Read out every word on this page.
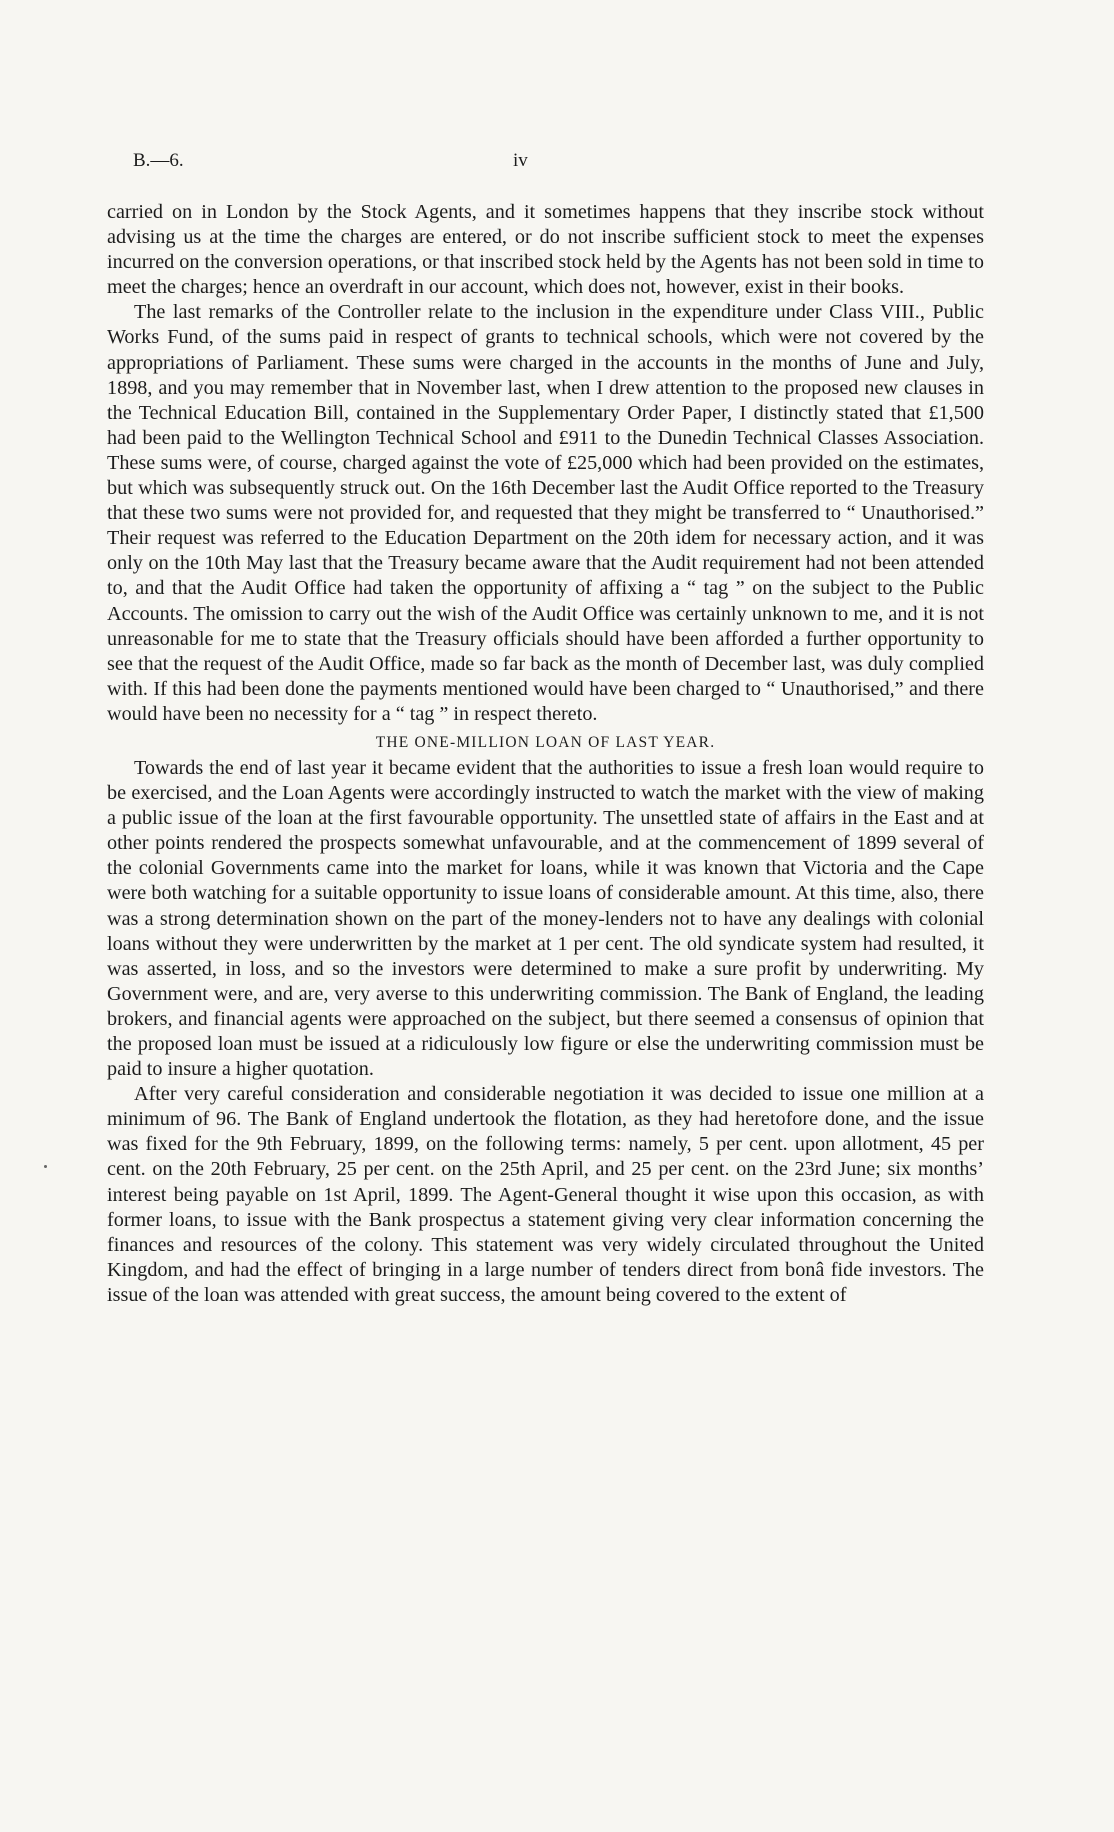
B.—6.	iv

carried on in London by the Stock Agents, and it sometimes happens that they inscribe stock without advising us at the time the charges are entered, or do not inscribe sufficient stock to meet the expenses incurred on the conversion operations, or that inscribed stock held by the Agents has not been sold in time to meet the charges; hence an overdraft in our account, which does not, however, exist in their books.

The last remarks of the Controller relate to the inclusion in the expenditure under Class VIII., Public Works Fund, of the sums paid in respect of grants to technical schools, which were not covered by the appropriations of Parliament. These sums were charged in the accounts in the months of June and July, 1898, and you may remember that in November last, when I drew attention to the proposed new clauses in the Technical Education Bill, contained in the Supplementary Order Paper, I distinctly stated that £1,500 had been paid to the Wellington Technical School and £911 to the Dunedin Technical Classes Association. These sums were, of course, charged against the vote of £25,000 which had been provided on the estimates, but which was subsequently struck out. On the 16th December last the Audit Office reported to the Treasury that these two sums were not provided for, and requested that they might be transferred to “ Unauthorised.” Their request was referred to the Education Department on the 20th idem for necessary action, and it was only on the 10th May last that the Treasury became aware that the Audit requirement had not been attended to, and that the Audit Office had taken the opportunity of affixing a “ tag ” on the subject to the Public Accounts. The omission to carry out the wish of the Audit Office was certainly unknown to me, and it is not unreasonable for me to state that the Treasury officials should have been afforded a further opportunity to see that the request of the Audit Office, made so far back as the month of December last, was duly complied with. If this had been done the payments mentioned would have been charged to “ Unauthorised,” and there would have been no necessity for a “ tag ” in respect thereto.

THE ONE-MILLION LOAN OF LAST YEAR.

Towards the end of last year it became evident that the authorities to issue a fresh loan would require to be exercised, and the Loan Agents were accordingly instructed to watch the market with the view of making a public issue of the loan at the first favourable opportunity. The unsettled state of affairs in the East and at other points rendered the prospects somewhat unfavourable, and at the commencement of 1899 several of the colonial Governments came into the market for loans, while it was known that Victoria and the Cape were both watching for a suitable opportunity to issue loans of considerable amount. At this time, also, there was a strong determination shown on the part of the money-lenders not to have any dealings with colonial loans without they were underwritten by the market at 1 per cent. The old syndicate system had resulted, it was asserted, in loss, and so the investors were determined to make a sure profit by underwriting. My Government were, and are, very averse to this underwriting commission. The Bank of England, the leading brokers, and financial agents were approached on the subject, but there seemed a consensus of opinion that the proposed loan must be issued at a ridiculously low figure or else the underwriting commission must be paid to insure a higher quotation.

After very careful consideration and considerable negotiation it was decided to issue one million at a minimum of 96. The Bank of England undertook the flotation, as they had heretofore done, and the issue was fixed for the 9th February, 1899, on the following terms: namely, 5 per cent. upon allotment, 45 per cent. on the 20th February, 25 per cent. on the 25th April, and 25 per cent. on the 23rd June; six months’ interest being payable on 1st April, 1899. The Agent-General thought it wise upon this occasion, as with former loans, to issue with the Bank prospectus a statement giving very clear information concerning the finances and resources of the colony. This statement was very widely circulated throughout the United Kingdom, and had the effect of bringing in a large number of tenders direct from bonâ fide investors. The issue of the loan was attended with great success, the amount being covered to the extent of
